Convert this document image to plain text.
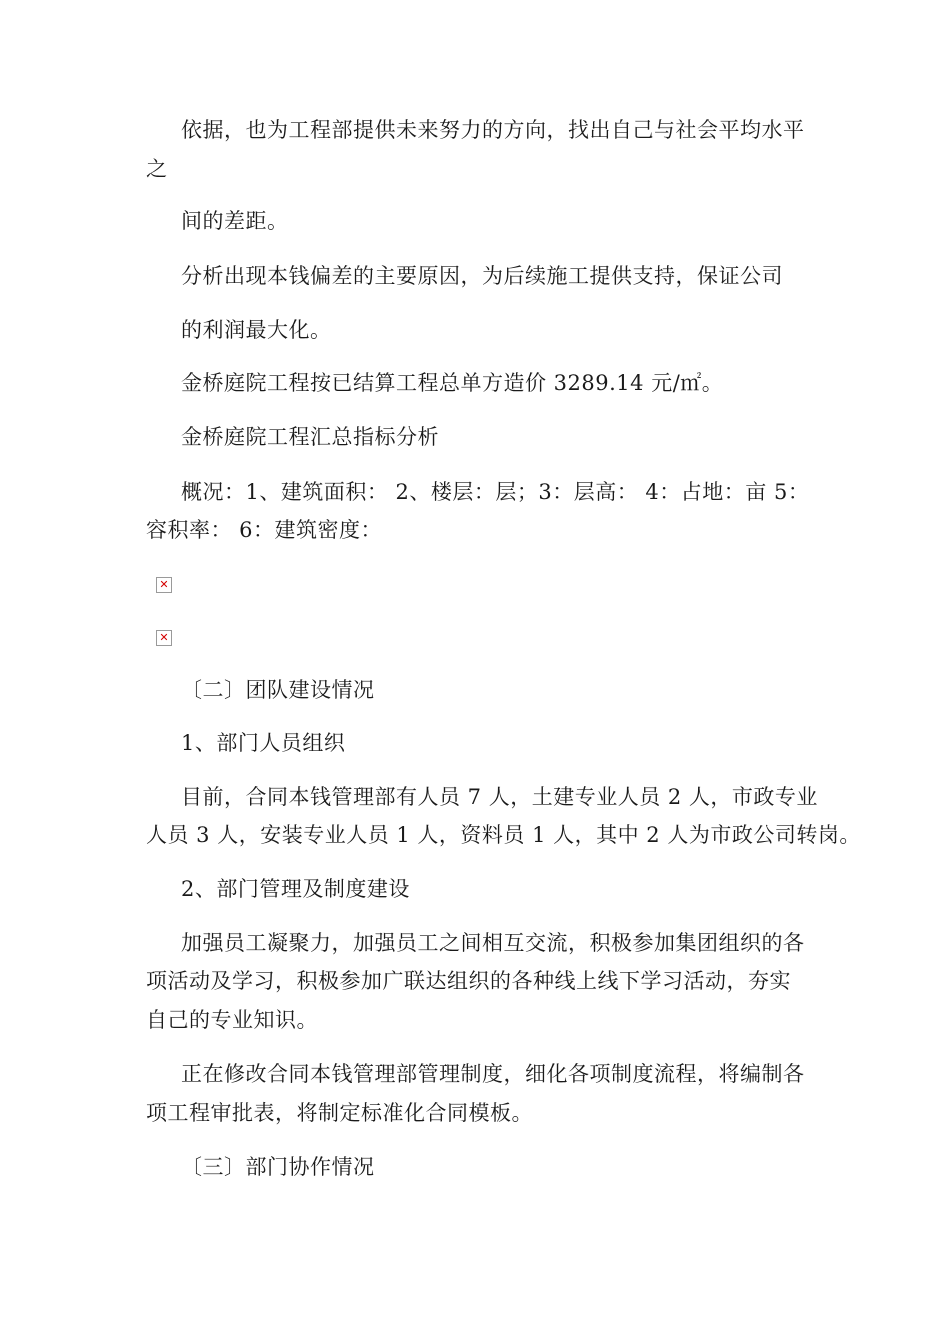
依据，也为工程部提供未来努力的方向，找出自己与社会平均水平
之
间的差距。
分析出现本钱偏差的主要原因，为后续施工提供支持，保证公司
的利润最大化。
金桥庭院工程按已结算工程总单方造价 3289.14 元/㎡。
金桥庭院工程汇总指标分析
概况：1、建筑面积： 2、楼层：层；3：层高： 4：占地：亩 5：
容积率： 6：建筑密度：
✕
✕
〔二〕团队建设情况
1、部门人员组织
目前，合同本钱管理部有人员 7 人，土建专业人员 2 人，市政专业
人员 3 人，安装专业人员 1 人，资料员 1 人，其中 2 人为市政公司转岗。
2、部门管理及制度建设
加强员工凝聚力，加强员工之间相互交流，积极参加集团组织的各
项活动及学习，积极参加广联达组织的各种线上线下学习活动，夯实
自己的专业知识。
正在修改合同本钱管理部管理制度，细化各项制度流程，将编制各
项工程审批表，将制定标准化合同模板。
〔三〕部门协作情况
